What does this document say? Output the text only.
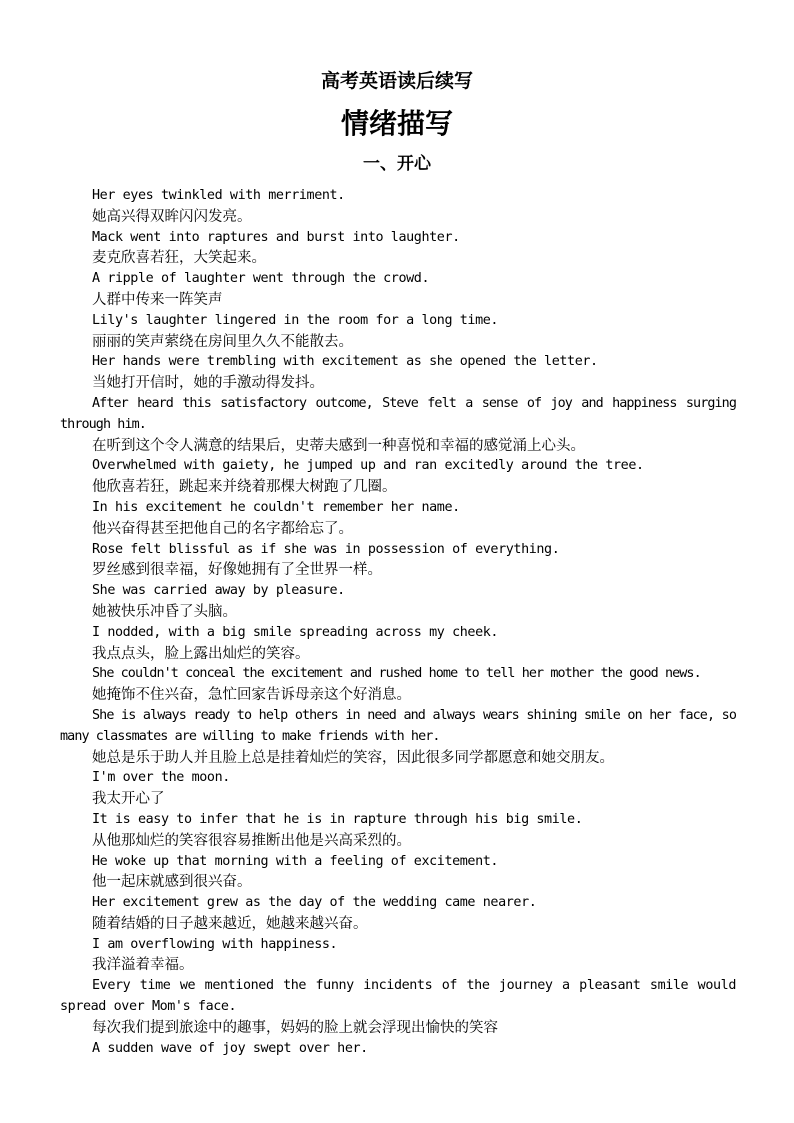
高考英语读后续写
情绪描写
一、开心
Her eyes twinkled with merriment.
她高兴得双眸闪闪发亮。
Mack went into raptures and burst into laughter.
麦克欣喜若狂，大笑起来。
A ripple of laughter went through the crowd.
人群中传来一阵笑声
Lily's laughter lingered in the room for a long time.
丽丽的笑声萦绕在房间里久久不能散去。
Her hands were trembling with excitement as she opened the letter.
当她打开信时，她的手激动得发抖。
After heard this satisfactory outcome, Steve felt a sense of joy and happiness surging through him.
在听到这个令人满意的结果后，史蒂夫感到一种喜悦和幸福的感觉涌上心头。
Overwhelmed with gaiety, he jumped up and ran excitedly around the tree.
他欣喜若狂，跳起来并绕着那棵大树跑了几圈。
In his excitement he couldn't remember her name.
他兴奋得甚至把他自己的名字都给忘了。
Rose felt blissful as if she was in possession of everything.
罗丝感到很幸福，好像她拥有了全世界一样。
She was carried away by pleasure.
她被快乐冲昏了头脑。
I nodded, with a big smile spreading across my cheek.
我点点头，脸上露出灿烂的笑容。
She couldn't conceal the excitement and rushed home to tell her mother the good news.
她掩饰不住兴奋，急忙回家告诉母亲这个好消息。
She is always ready to help others in need and always wears shining smile on her face, so many classmates are willing to make friends with her.
她总是乐于助人并且脸上总是挂着灿烂的笑容，因此很多同学都愿意和她交朋友。
I'm over the moon.
我太开心了
It is easy to infer that he is in rapture through his big smile.
从他那灿烂的笑容很容易推断出他是兴高采烈的。
He woke up that morning with a feeling of excitement.
他一起床就感到很兴奋。
Her excitement grew as the day of the wedding came nearer.
随着结婚的日子越来越近，她越来越兴奋。
I am overflowing with happiness.
我洋溢着幸福。
Every time we mentioned the funny incidents of the journey a pleasant smile would spread over Mom's face.
每次我们提到旅途中的趣事，妈妈的脸上就会浮现出愉快的笑容
A sudden wave of joy swept over her.
